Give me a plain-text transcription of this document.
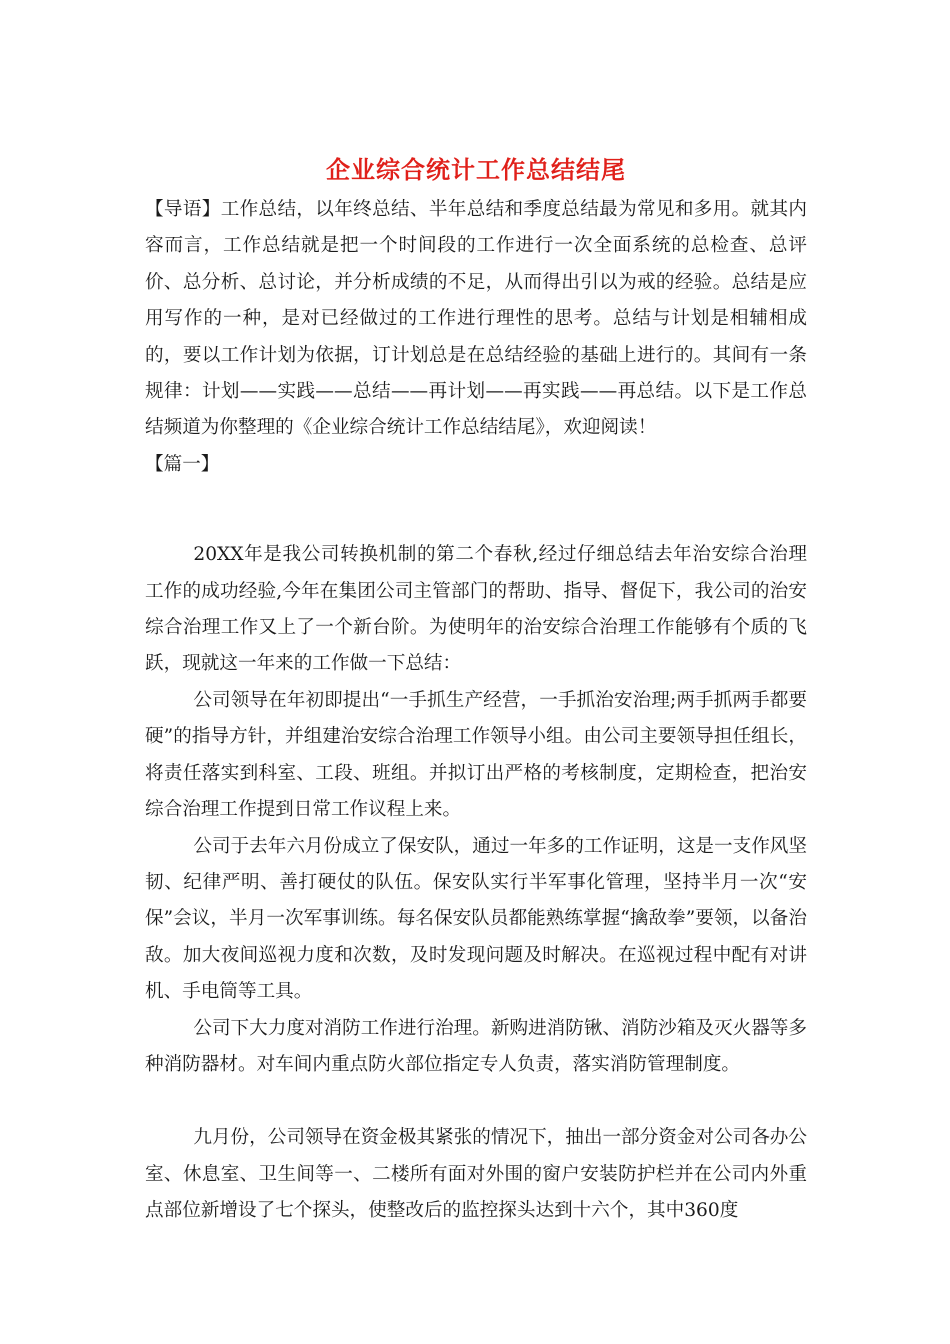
企业综合统计工作总结结尾

【导语】工作总结，以年终总结、半年总结和季度总结最为常见和多用。就其内容而言，工作总结就是把一个时间段的工作进行一次全面系统的总检查、总评价、总分析、总讨论，并分析成绩的不足，从而得出引以为戒的经验。总结是应用写作的一种，是对已经做过的工作进行理性的思考。总结与计划是相辅相成的，要以工作计划为依据，订计划总是在总结经验的基础上进行的。其间有一条规律：计划——实践——总结——再计划——再实践——再总结。以下是工作总结频道为你整理的《企业综合统计工作总结结尾》，欢迎阅读！

【篇一】

20XX年是我公司转换机制的第二个春秋,经过仔细总结去年治安综合治理工作的成功经验,今年在集团公司主管部门的帮助、指导、督促下，我公司的治安综合治理工作又上了一个新台阶。为使明年的治安综合治理工作能够有个质的飞跃，现就这一年来的工作做一下总结：

公司领导在年初即提出“一手抓生产经营，一手抓治安治理;两手抓两手都要硬”的指导方针，并组建治安综合治理工作领导小组。由公司主要领导担任组长，将责任落实到科室、工段、班组。并拟订出严格的考核制度，定期检查，把治安综合治理工作提到日常工作议程上来。

公司于去年六月份成立了保安队，通过一年多的工作证明，这是一支作风坚韧、纪律严明、善打硬仗的队伍。保安队实行半军事化管理，坚持半月一次“安保”会议，半月一次军事训练。每名保安队员都能熟练掌握“擒敌拳”要领，以备治敌。加大夜间巡视力度和次数，及时发现问题及时解决。在巡视过程中配有对讲机、手电筒等工具。

公司下大力度对消防工作进行治理。新购进消防锹、消防沙箱及灭火器等多种消防器材。对车间内重点防火部位指定专人负责，落实消防管理制度。

九月份，公司领导在资金极其紧张的情况下，抽出一部分资金对公司各办公室、休息室、卫生间等一、二楼所有面对外围的窗户安装防护栏并在公司内外重点部位新增设了七个探头，使整改后的监控探头达到十六个，其中360度
